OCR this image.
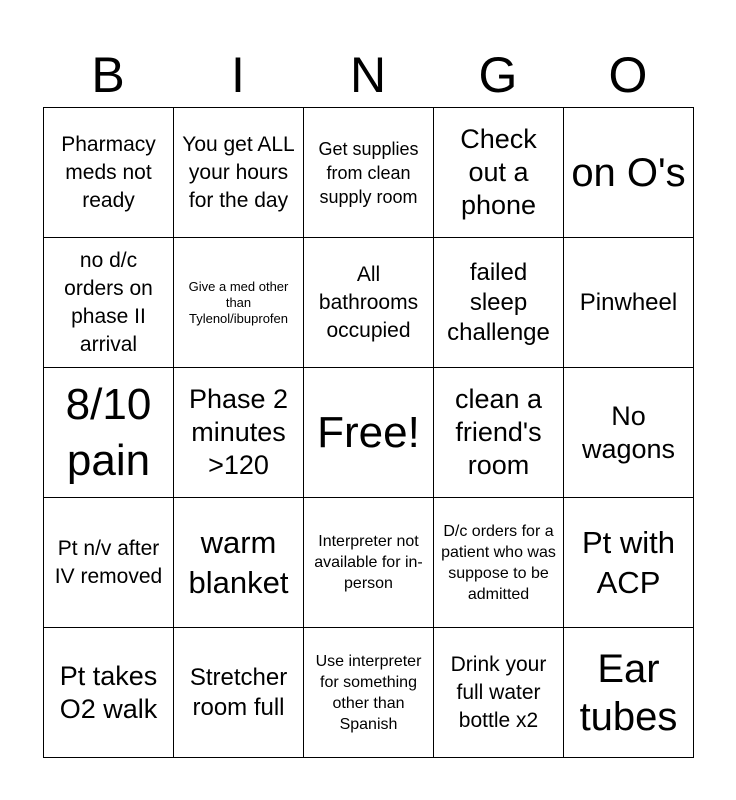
B	I	N	G	O
Pharmacy meds not ready
You get ALL your hours for the day
Get supplies from clean supply room
Check out a phone
on O's
no d/c orders on phase II arrival
Give a med other than Tylenol/ibuprofen
All bathrooms occupied
failed sleep challenge
Pinwheel
8/10 pain
Phase 2 minutes >120
Free!
clean a friend's room
No wagons
Pt n/v after IV removed
warm blanket
Interpreter not available for in-person
D/c orders for a patient who was suppose to be admitted
Pt with ACP
Pt takes O2 walk
Stretcher room full
Use interpreter for something other than Spanish
Drink your full water bottle x2
Ear tubes
